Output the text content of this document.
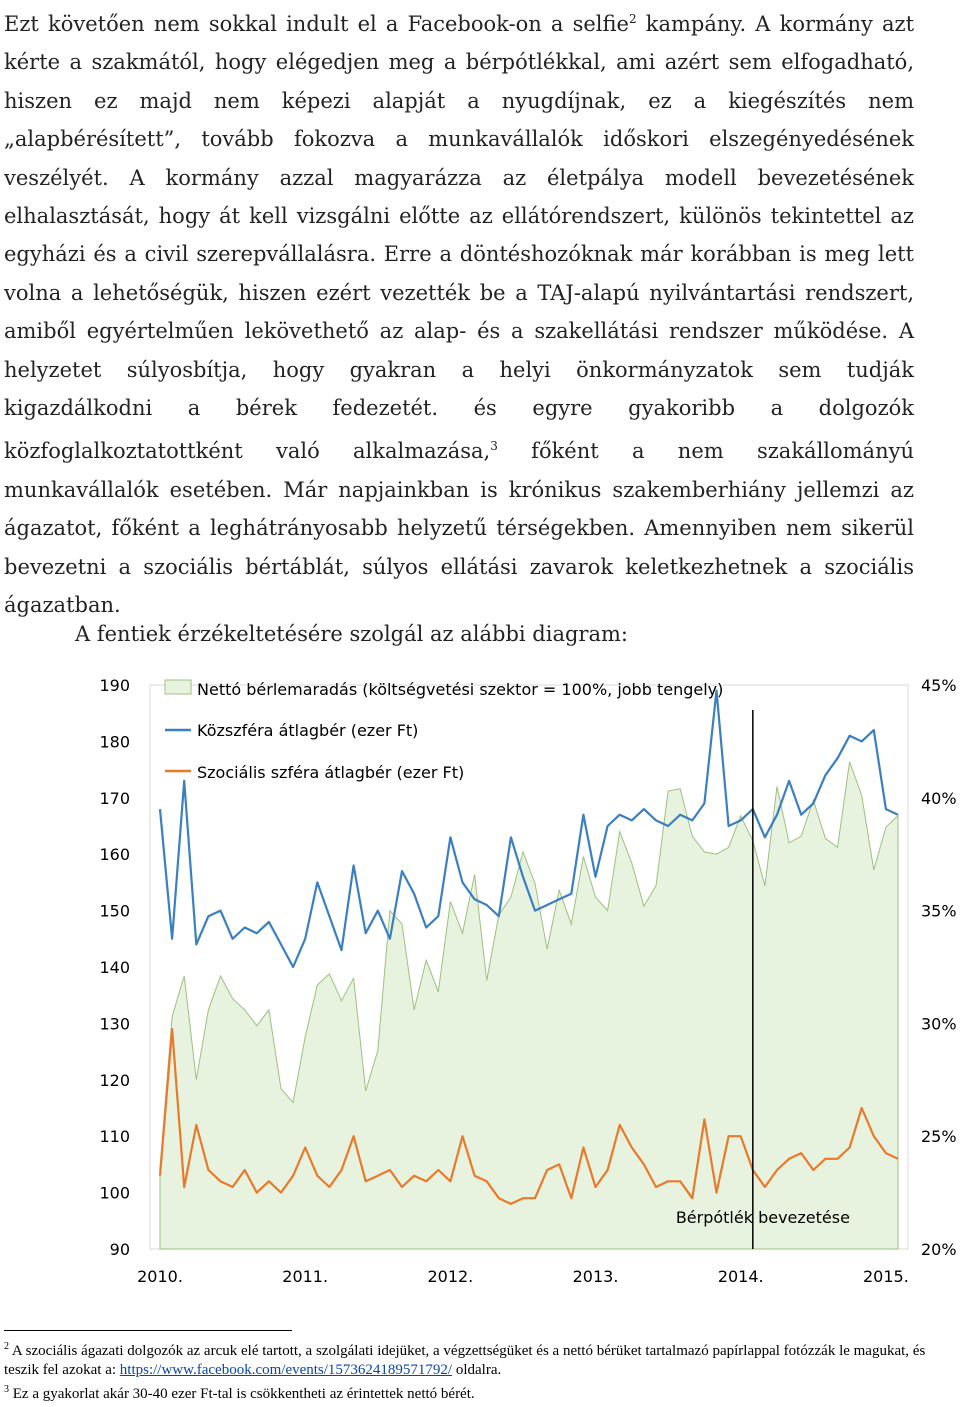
Ezt követően nem sokkal indult el a Facebook-on a selfie$^2$ kampány. A kormány azt kérte a szakmától, hogy elégedjen meg a bérpótlékkal, ami azért sem elfogadható, hiszen ez majd nem képezi alapját a nyugdíjnak, ez a kiegészítés nem „alapbérésített”, tovább fokozva a munkavállalók időskori elszegényedésének veszélyét. A kormány azzal magyarázza az életpálya modell bevezetésének elhalasztását, hogy át kell vizsgálni előtte az ellátórendszert, különös tekintettel az egyházi és a civil szerepvállalásra. Erre a döntéshozóknak már korábban is meg lett volna a lehetőségük, hiszen ezért vezették be a TAJ-alapú nyilvántartási rendszert, amiből egyértelműen lekövethető az alap- és a szakellátási rendszer működése. A helyzetet súlyosbítja, hogy gyakran a helyi önkormányzatok sem tudják kigazdálkodni a bérek fedezetét. és egyre gyakoribb a dolgozók közfoglalkoztatottként való alkalmazása,$^3$ főként a nem szakállományú munkavállalók esetében. Már napjainkban is krónikus szakemberhiány jellemzi az ágazatot, főként a leghátrányosabb helyzetű térségekben. Amennyiben nem sikerül bevezetni a szociális bértáblát, súlyos ellátási zavarok keletkezhetnek a szociális ágazatban.

A fentiek érzékeltetésére szolgál az alábbi diagram:
Bérpótlék bevezetése
190
180
170
160
150
140
130
120
110
100
90
45%
40%
35%
30%
25%
20%
2010.	2011.	2012.	2013.	2014.	2015.
Nettó bérlemaradás (költségvetési szektor = 100%, jobb tengely)
Közszféra átlagbér (ezer Ft)
Szociális szféra átlagbér (ezer Ft)

$^2$ A szociális ágazati dolgozók az arcuk elé tartott, a szolgálati idejüket, a végzettségüket és a nettó bérüket tartalmazó papírlappal fotózzák le magukat, és teszik fel azokat a: https://www.facebook.com/events/1573624189571792/ oldalra.

$^3$ Ez a gyakorlat akár 30-40 ezer Ft-tal is csökkentheti az érintettek nettó bérét.
